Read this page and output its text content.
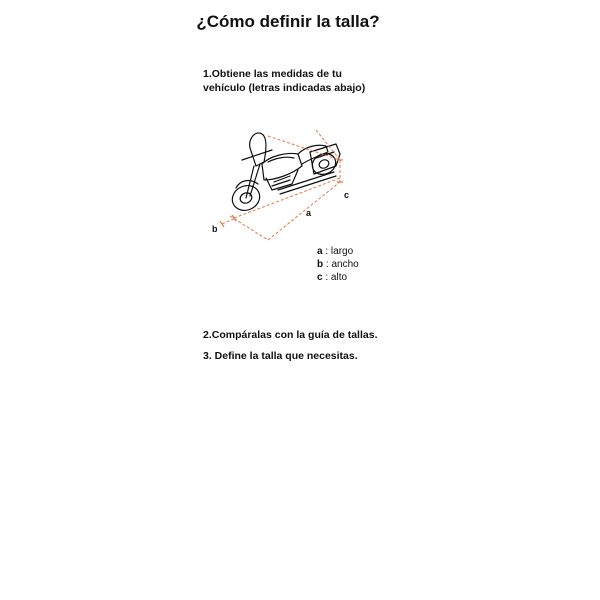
¿Cómo definir la talla?

1.Obtiene las medidas de tu
vehículo (letras indicadas abajo)

a
b
c
a : largo
b : ancho
c : alto

2.Compáralas con la guía de tallas.

3. Define la talla que necesitas.
